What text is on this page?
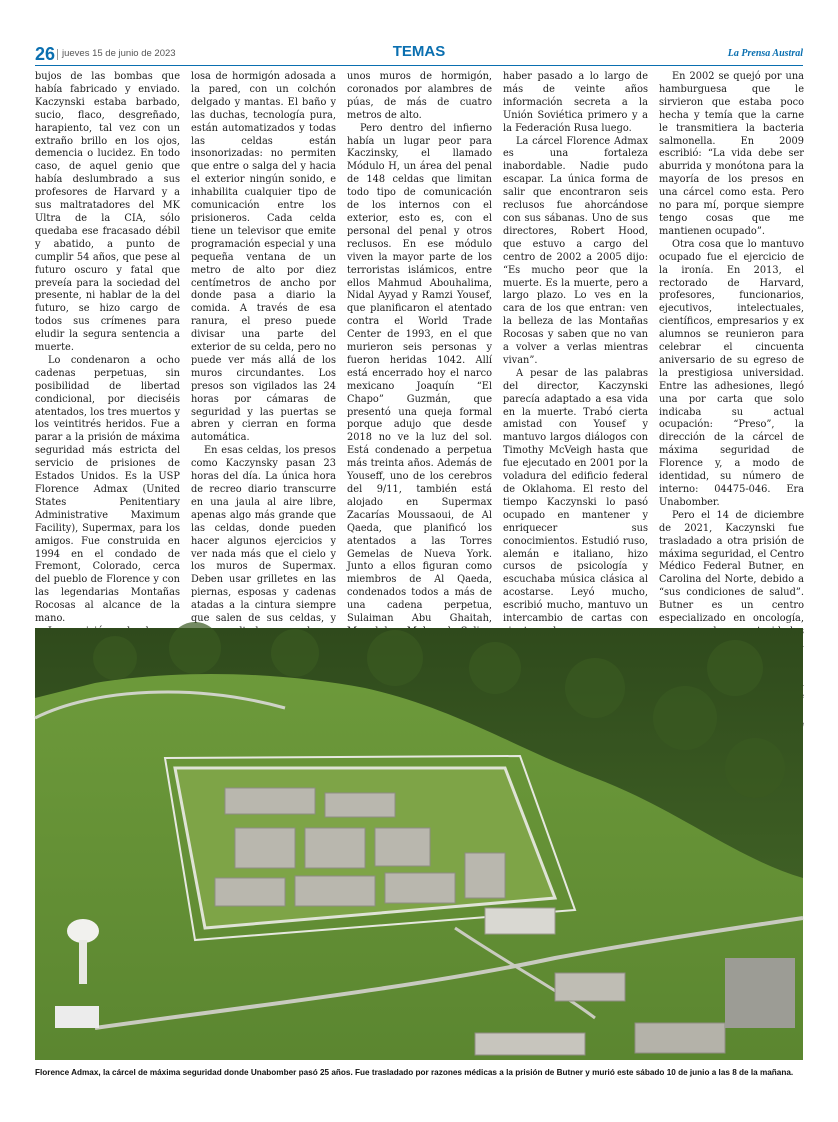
26 jueves 15 de junio de 2023	TEMAS	La Prensa Austral

bujos de las bombas que había fabricado y enviado. Kaczynski estaba barbado, sucio, flaco, desgreñado, harapiento, tal vez con un extraño brillo en los ojos, demencia o lucidez. En todo caso, de aquel genio que había deslumbrado a sus profesores de Harvard y a sus maltratadores del MK Ultra de la CIA, sólo quedaba ese fracasado débil y abatido, a punto de cumplir 54 años, que pese al futuro oscuro y fatal que preveía para la sociedad del presente, ni hablar de la del futuro, se hizo cargo de todos sus crímenes para eludir la segura sentencia a muerte.

Lo condenaron a ocho cadenas perpetuas, sin posibilidad de libertad condicional, por dieciséis atentados, los tres muertos y los veintitrés heridos. Fue a parar a la prisión de máxima seguridad más estricta del servicio de prisiones de Estados Unidos. Es la USP Florence Admax (United States Penitentiary Administrative Maximum Facility), Supermax, para los amigos. Fue construida en 1994 en el condado de Fremont, Colorado, cerca del pueblo de Florence y con las legendarias Montañas Rocosas al alcance de la mano.

losa de hormigón adosada a la pared, con un colchón delgado y mantas. El baño y las duchas, tecnología pura, están automatizados y todas las celdas están insonorizadas: no permiten que entre o salga del y hacia el exterior ningún sonido, e inhabilita cualquier tipo de comunicación entre los prisioneros. Cada celda tiene un televisor que emite programación especial y una pequeña ventana de un metro de alto por diez centímetros de ancho por donde pasa a diario la comida. A través de esa ranura, el preso puede divisar una parte del exterior de su celda, pero no puede ver más allá de los muros circundantes. Los presos son vigilados las 24 horas por cámaras de seguridad y las puertas se abren y cierran en forma automática.

En esas celdas, los presos como Kaczynsky pasan 23 horas del día. La única hora de recreo diario transcurre en una jaula al aire libre, apenas algo más grande que las celdas, donde pueden hacer algunos ejercicios y ver nada más que el cielo y los muros de Supermax. Deben usar grilletes en las piernas, esposas y cadenas atadas a la cintura siempre que salen de sus celdas, y

unos muros de hormigón, coronados por alambres de púas, de más de cuatro metros de alto.

Pero dentro del infierno había un lugar peor para Kaczinsky, el llamado Módulo H, un área del penal de 148 celdas que limitan todo tipo de comunicación de los internos con el exterior, esto es, con el personal del penal y otros reclusos. En ese módulo viven la mayor parte de los terroristas islámicos, entre ellos Mahmud Abouhalima, Nidal Ayyad y Ramzi Yousef, que planificaron el atentado contra el World Trade Center de 1993, en el que murieron seis personas y fueron heridas 1042. Allí está encerrado hoy el narco mexicano Joaquín “El Chapo” Guzmán, que presentó una queja formal porque adujo que desde 2018 no ve la luz del sol. Está condenado a perpetua más treinta años. Además de Youseff, uno de los cerebros del 9/11, también está alojado en Supermax Zacarías Moussaoui, de Al Qaeda, que planificó los atentados a las Torres Gemelas de Nueva York. Junto a ellos figuran como miembros de Al Qaeda, condenados todos a más de una cadena perpetua, Sulaiman Abu Ghaitah,

haber pasado a lo largo de más de veinte años información secreta a la Unión Soviética primero y a la Federación Rusa luego.

La cárcel Florence Admax es una fortaleza inabordable. Nadie pudo escapar. La única forma de salir que encontraron seis reclusos fue ahorcándose con sus sábanas. Uno de sus directores, Robert Hood, que estuvo a cargo del centro de 2002 a 2005 dijo: “Es mucho peor que la muerte. Es la muerte, pero a largo plazo. Lo ves en la cara de los que entran: ven la belleza de las Montañas Rocosas y saben que no van a volver a verlas mientras vivan”.

A pesar de las palabras del director, Kaczynski parecía adaptado a esa vida en la muerte. Trabó cierta amistad con Yousef y mantuvo largos diálogos con Timothy McVeigh hasta que fue ejecutado en 2001 por la voladura del edificio federal de Oklahoma. El resto del tiempo Kaczynski lo pasó ocupado en mantener y enriquecer sus conocimientos. Estudió ruso, alemán e italiano, hizo cursos de psicología y escuchaba música clásica al acostarse. Leyó mucho, escribió mucho, mantuvo un intercambio de cartas con

En 2002 se quejó por una hamburguesa que le sirvieron que estaba poco hecha y temía que la carne le transmitiera la bacteria salmonella. En 2009 escribió: “La vida debe ser aburrida y monótona para la mayoría de los presos en una cárcel como esta. Pero no para mí, porque siempre tengo cosas que me mantienen ocupado”.

Otra cosa que lo mantuvo ocupado fue el ejercicio de la ironía. En 2013, el rectorado de Harvard, profesores, funcionarios, ejecutivos, intelectuales, científicos, empresarios y ex alumnos se reunieron para celebrar el cincuenta aniversario de su egreso de la prestigiosa universidad. Entre las adhesiones, llegó una por carta que solo indicaba su actual ocupación: “Preso”, la dirección de la cárcel de máxima seguridad de Florence y, a modo de identidad, su número de interno: 04475-046. Era Unabomber.

Pero el 14 de diciembre de 2021, Kaczynski fue trasladado a otra prisión de máxima seguridad, el Centro Médico Federal Butner, en Carolina del Norte, debido a “sus condiciones de salud”. Butner es un centro especializado en oncología,

Florence Admax, la cárcel de máxima seguridad donde Unabomber pasó 25 años. Fue trasladado por razones médicas a la prisión de Butner y murió este sábado 10 de junio a las 8 de la mañana.
